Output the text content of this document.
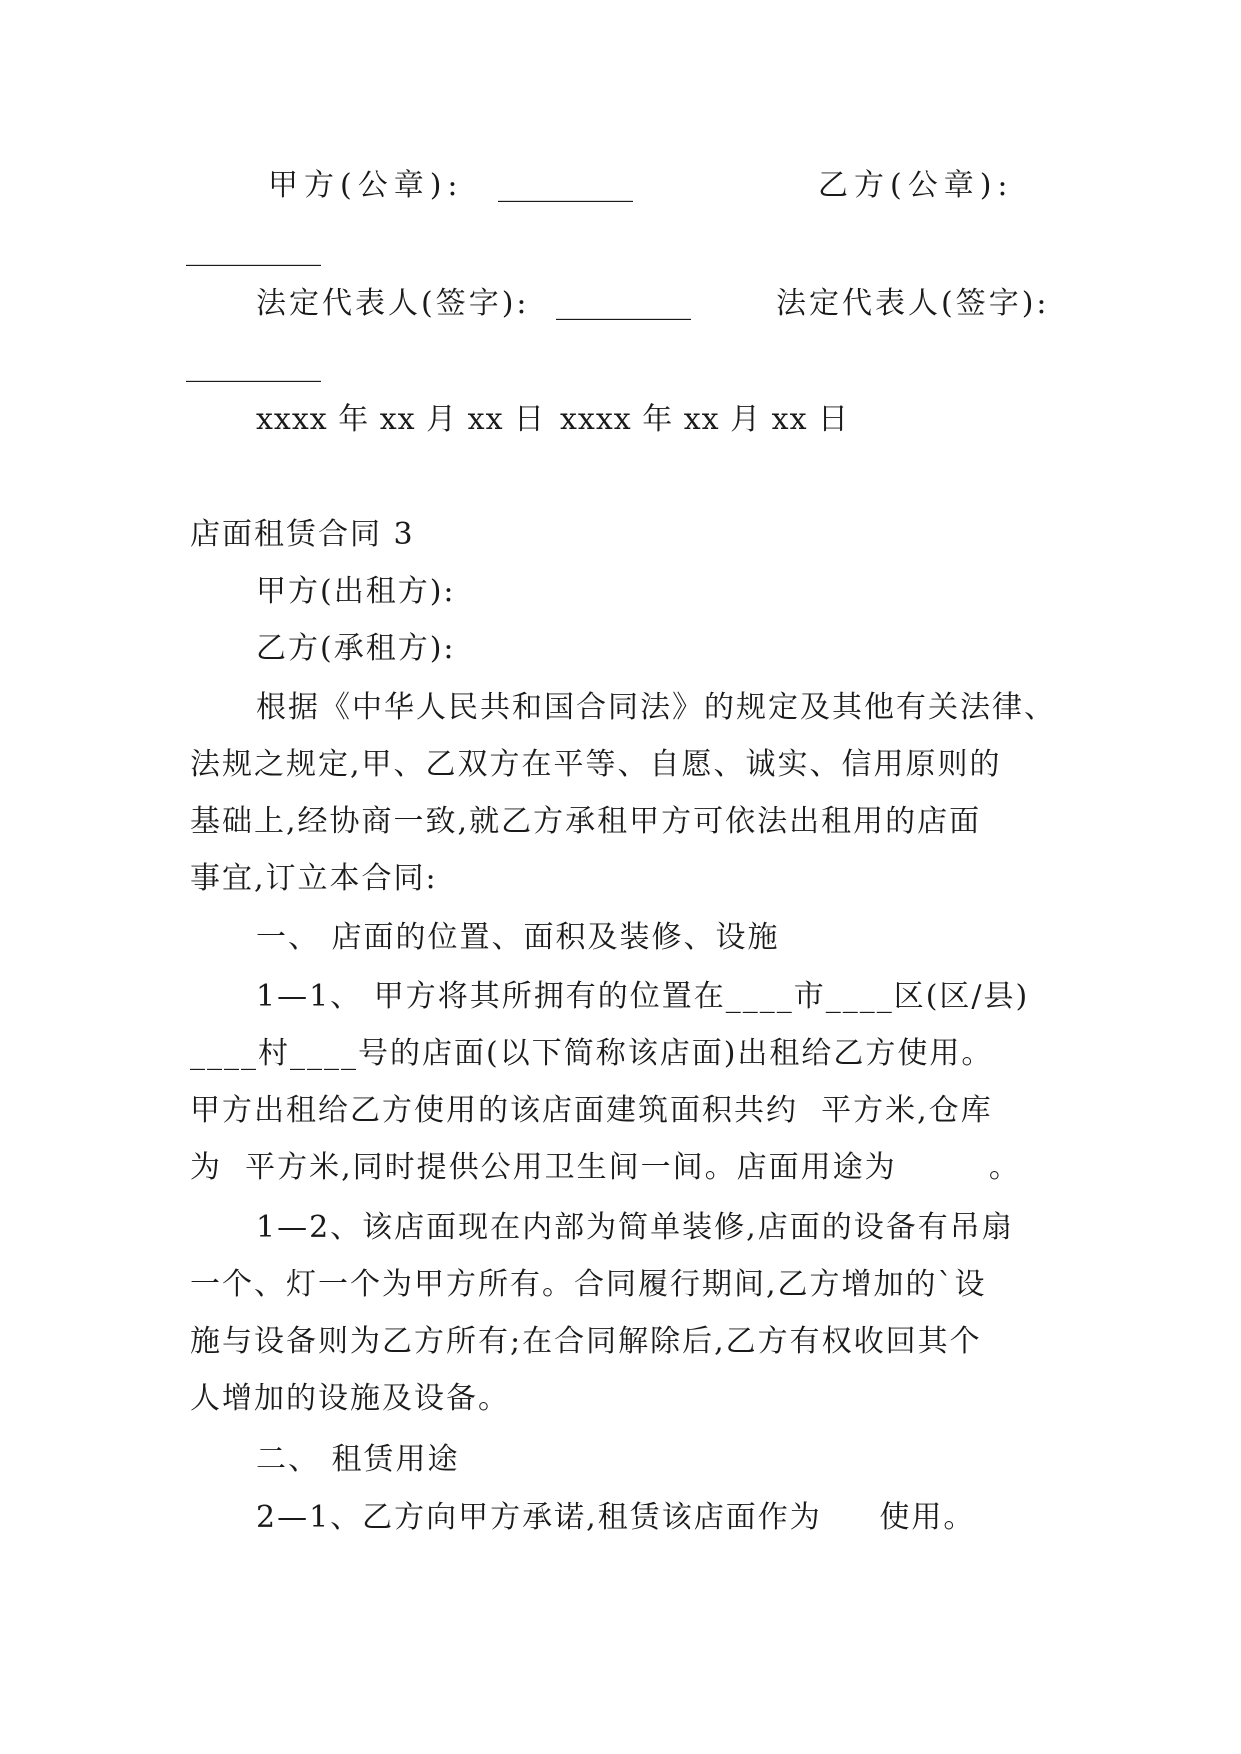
甲方(公章): _________	乙方(公章):
_________
法定代表人(签字): _________	法定代表人(签字):
_________
xxxx 年 xx 月 xx 日 xxxx 年 xx 月 xx 日
店面租赁合同 3
甲方(出租方):
乙方(承租方):
根据《中华人民共和国合同法》的规定及其他有关法律、
法规之规定,甲、乙双方在平等、自愿、诚实、信用原则的
基础上,经协商一致,就乙方承租甲方可依法出租用的店面
事宜,订立本合同:
一、 店面的位置、面积及装修、设施
1—1、 甲方将其所拥有的位置在____市____区(区/县)
____村____号的店面(以下简称该店面)出租给乙方使用。
甲方出租给乙方使用的该店面建筑面积共约  平方米,仓库
为  平方米,同时提供公用卫生间一间。店面用途为        。
1—2、该店面现在内部为简单装修,店面的设备有吊扇
一个、灯一个为甲方所有。合同履行期间,乙方增加的`设
施与设备则为乙方所有;在合同解除后,乙方有权收回其个
人增加的设施及设备。
二、 租赁用途
2—1、乙方向甲方承诺,租赁该店面作为     使用。
